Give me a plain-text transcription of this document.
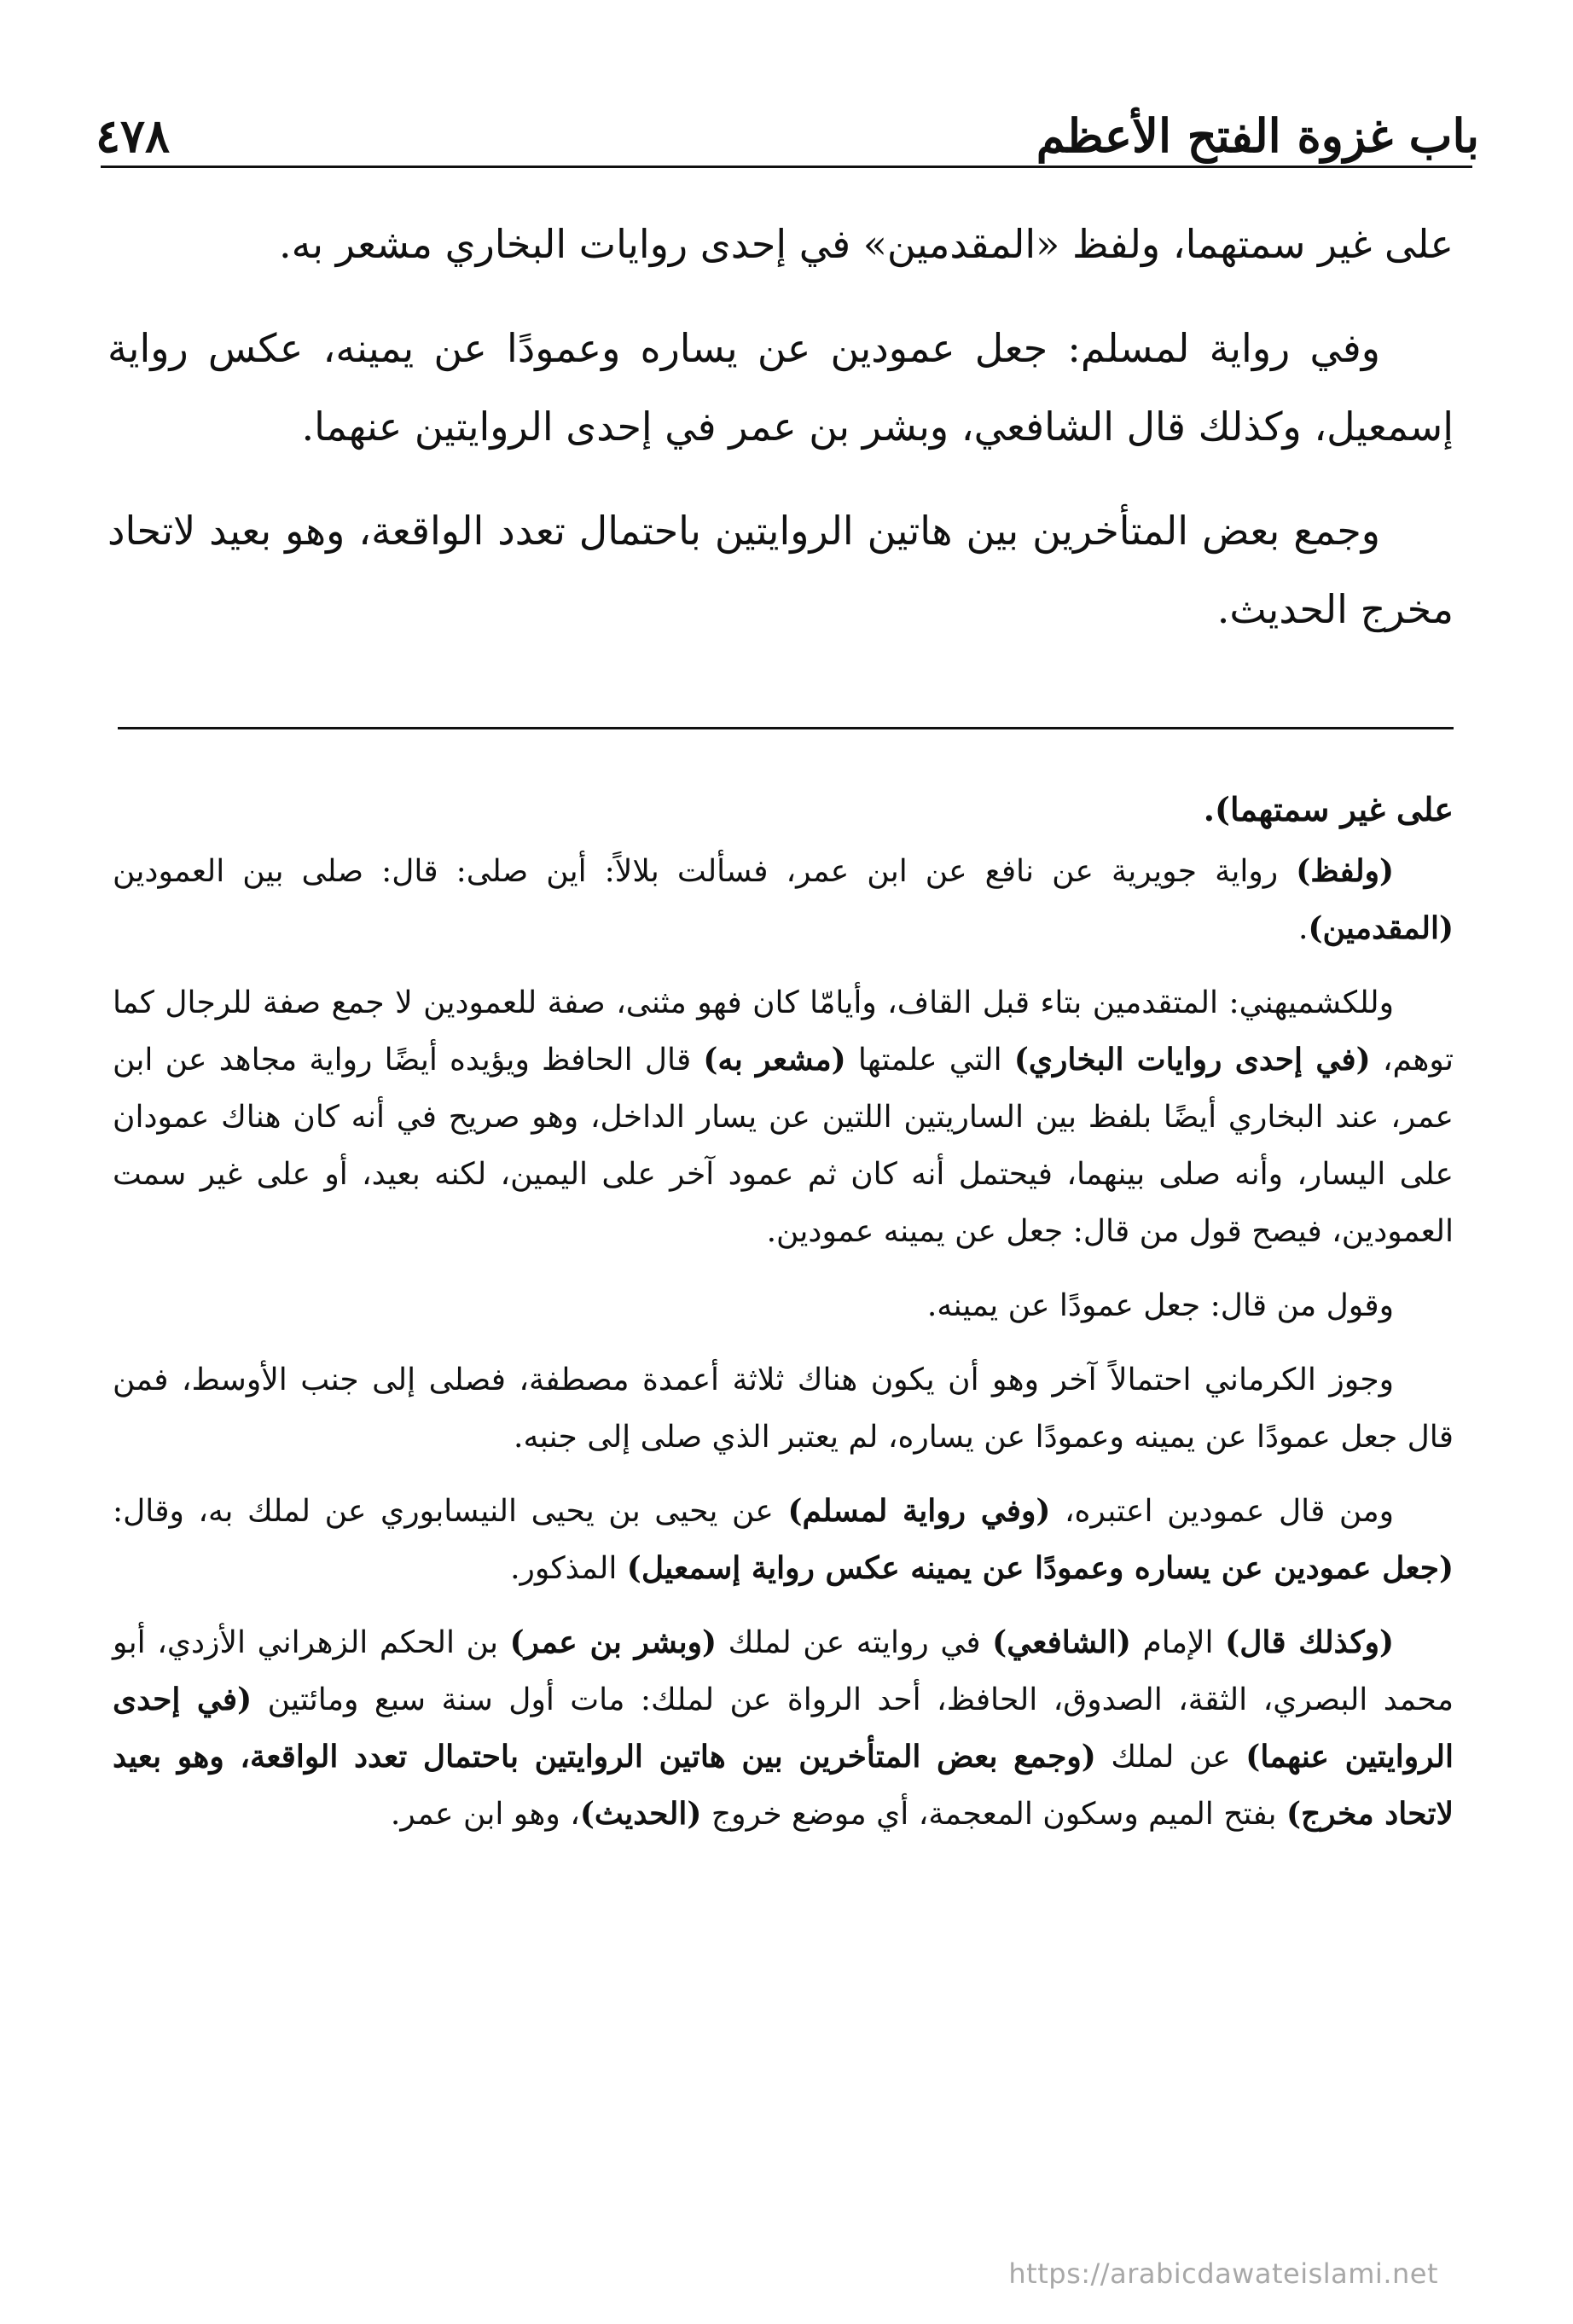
باب غزوة الفتح الأعظم
٤٧٨

على غير سمتهما، ولفظ «المقدمين» في إحدى روايات البخاري مشعر به.

وفي رواية لمسلم: جعل عمودين عن يساره وعمودًا عن يمينه، عكس رواية إسمعيل، وكذلك قال الشافعي، وبشر بن عمر في إحدى الروايتين عنهما.

وجمع بعض المتأخرين بين هاتين الروايتين باحتمال تعدد الواقعة، وهو بعيد لاتحاد مخرج الحديث.

على غير سمتهما).

(ولفظ) رواية جويرية عن نافع عن ابن عمر، فسألت بلالاً: أين صلى: قال: صلى بين العمودين (المقدمين).

وللكشميهني: المتقدمين بتاء قبل القاف، وأيامّا كان فهو مثنى، صفة للعمودين لا جمع صفة للرجال كما توهم، (في إحدى روايات البخاري) التي علمتها (مشعر به) قال الحافظ ويؤيده أيضًا رواية مجاهد عن ابن عمر، عند البخاري أيضًا بلفظ بين الساريتين اللتين عن يسار الداخل، وهو صريح في أنه كان هناك عمودان على اليسار، وأنه صلى بينهما، فيحتمل أنه كان ثم عمود آخر على اليمين، لكنه بعيد، أو على غير سمت العمودين، فيصح قول من قال: جعل عن يمينه عمودين.

وقول من قال: جعل عمودًا عن يمينه.

وجوز الكرماني احتمالاً آخر وهو أن يكون هناك ثلاثة أعمدة مصطفة، فصلى إلى جنب الأوسط، فمن قال جعل عمودًا عن يمينه وعمودًا عن يساره، لم يعتبر الذي صلى إلى جنبه.

ومن قال عمودين اعتبره، (وفي رواية لمسلم) عن يحيى بن يحيى النيسابوري عن لملك به، وقال: (جعل عمودين عن يساره وعمودًا عن يمينه عكس رواية إسمعيل) المذكور.

(وكذلك قال) الإمام (الشافعي) في روايته عن لملك (وبشر بن عمر) بن الحكم الزهراني الأزدي، أبو محمد البصري، الثقة، الصدوق، الحافظ، أحد الرواة عن لملك: مات أول سنة سبع ومائتين (في إحدى الروايتين عنهما) عن لملك (وجمع بعض المتأخرين بين هاتين الروايتين باحتمال تعدد الواقعة، وهو بعيد لاتحاد مخرج) بفتح الميم وسكون المعجمة، أي موضع خروج (الحديث)، وهو ابن عمر.

https://arabicdawateislami.net
